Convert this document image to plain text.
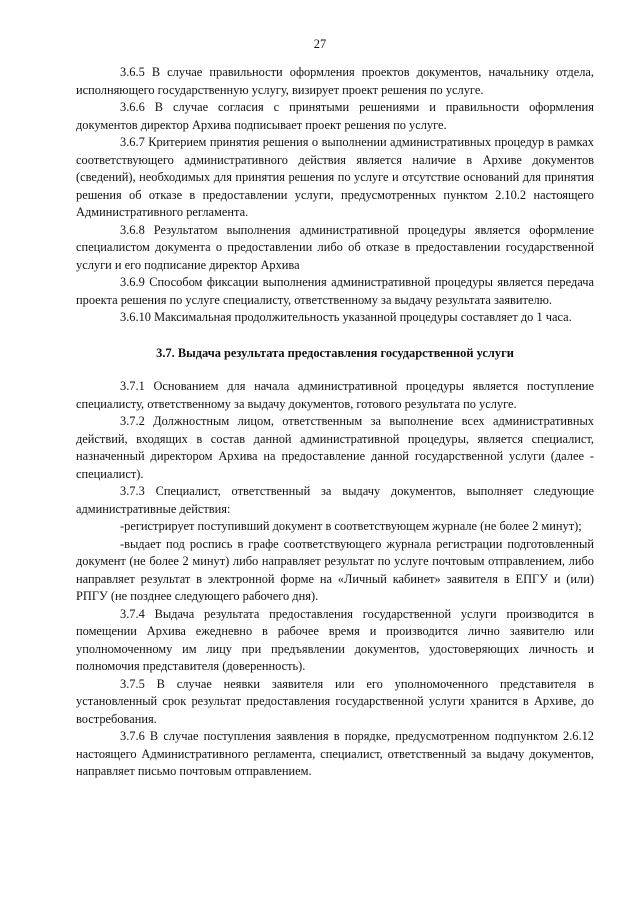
27

3.6.5 В случае правильности оформления проектов документов, начальнику отдела, исполняющего государственную услугу, визирует проект решения по услуге.

3.6.6 В случае согласия с принятыми решениями и правильности оформления документов директор Архива подписывает проект решения по услуге.

3.6.7 Критерием принятия решения о выполнении административных процедур в рамках соответствующего административного действия является наличие в Архиве документов (сведений), необходимых для принятия решения по услуге и отсутствие оснований для принятия решения об отказе в предоставлении услуги, предусмотренных пунктом 2.10.2 настоящего Административного регламента.

3.6.8 Результатом выполнения административной процедуры является оформление специалистом документа о предоставлении либо об отказе в предоставлении государственной услуги и его подписание директор Архива

3.6.9 Способом фиксации выполнения административной процедуры является передача проекта решения по услуге специалисту, ответственному за выдачу результата заявителю.

3.6.10 Максимальная продолжительность указанной процедуры составляет до 1 часа.

3.7. Выдача результата предоставления государственной услуги

3.7.1 Основанием для начала административной процедуры является поступление специалисту, ответственному за выдачу документов, готового результата по услуге.

3.7.2 Должностным лицом, ответственным за выполнение всех административных действий, входящих в состав данной административной процедуры, является специалист, назначенный директором Архива на предоставление данной государственной услуги (далее - специалист).

3.7.3 Специалист, ответственный за выдачу документов, выполняет следующие административные действия:

-регистрирует поступивший документ в соответствующем журнале (не более 2 минут);

-выдает под роспись в графе соответствующего журнала регистрации подготовленный документ (не более 2 минут) либо направляет результат по услуге почтовым отправлением, либо направляет результат в электронной форме на «Личный кабинет» заявителя в ЕПГУ и (или) РПГУ (не позднее следующего рабочего дня).

3.7.4 Выдача результата предоставления государственной услуги производится в помещении Архива ежедневно в рабочее время и производится лично заявителю или уполномоченному им лицу при предъявлении документов, удостоверяющих личность и полномочия представителя (доверенность).

3.7.5 В случае неявки заявителя или его уполномоченного представителя в установленный срок результат предоставления государственной услуги хранится в Архиве, до востребования.

3.7.6 В случае поступления заявления в порядке, предусмотренном подпунктом 2.6.12 настоящего Административного регламента, специалист, ответственный за выдачу документов, направляет письмо почтовым отправлением.
